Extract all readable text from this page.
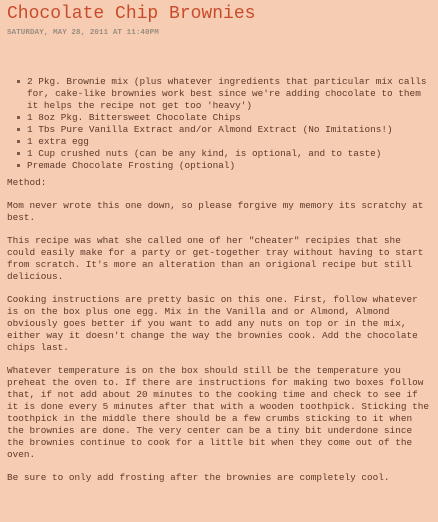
Chocolate Chip Brownies
SATURDAY, MAY 28, 2011 AT 11:40PM
2 Pkg. Brownie mix (plus whatever ingredients that particular mix calls for, cake-like brownies work best since we're adding chocolate to them it helps the recipe not get too 'heavy')
1 8oz Pkg. Bittersweet Chocolate Chips
1 Tbs Pure Vanilla Extract and/or Almond Extract (No Imitations!)
1 extra egg
1 Cup crushed nuts (can be any kind, is optional, and to taste)
Premade Chocolate Frosting (optional)

Method:

Mom never wrote this one down, so please forgive my memory its scratchy at best.

This recipe was what she called one of her "cheater" recipies that she could easily make for a party or get-together tray without having to start from scratch. It's more an alteration than an origional recipe but still delicious.

Cooking instructions are pretty basic on this one. First, follow whatever is on the box plus one egg. Mix in the Vanilla and or Almond, Almond obviously goes better if you want to add any nuts on top or in the mix, either way it doesn't change the way the brownies cook. Add the chocolate chips last.

Whatever temperature is on the box should still be the temperature you preheat the oven to. If there are instructions for making two boxes follow that, if not add about 20 minutes to the cooking time and check to see if it is done every 5 minutes after that with a wooden toothpick. Sticking the toothpick in the middle there should be a few crumbs sticking to it when the brownies are done. The very center can be a tiny bit underdone since the brownies continue to cook for a little bit when they come out of the oven.

Be sure to only add frosting after the brownies are completely cool.
